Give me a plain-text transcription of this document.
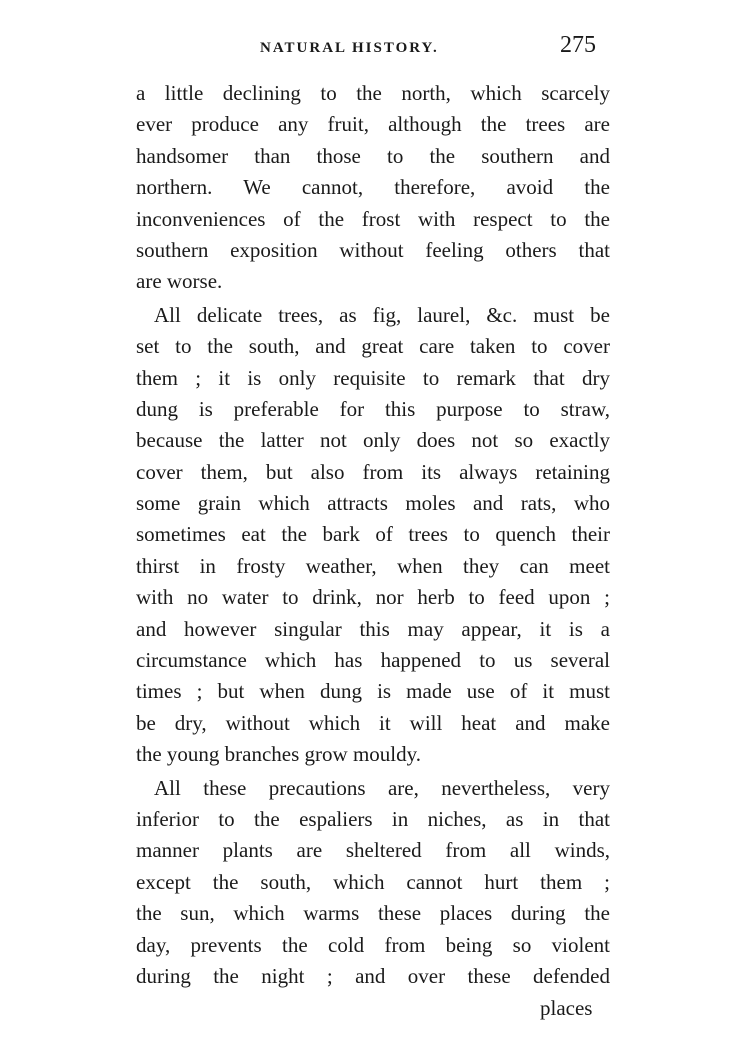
NATURAL HISTORY.	275
a little declining to the north, which scarcely
ever produce any fruit, although the trees are
handsomer than those to the southern and
northern. We cannot, therefore, avoid the
inconveniences of the frost with respect to the
southern exposition without feeling others that
are worse.
All delicate trees, as fig, laurel, &c. must be
set to the south, and great care taken to cover
them ; it is only requisite to remark that dry
dung is preferable for this purpose to straw,
because the latter not only does not so exactly
cover them, but also from its always retaining
some grain which attracts moles and rats, who
sometimes eat the bark of trees to quench their
thirst in frosty weather, when they can meet
with no water to drink, nor herb to feed upon ;
and however singular this may appear, it is a
circumstance which has happened to us several
times ; but when dung is made use of it must
be dry, without which it will heat and make
the young branches grow mouldy.
All these precautions are, nevertheless, very
inferior to the espaliers in niches, as in that
manner plants are sheltered from all winds,
except the south, which cannot hurt them ;
the sun, which warms these places during the
day, prevents the cold from being so violent
during the night ; and over these defended
places
